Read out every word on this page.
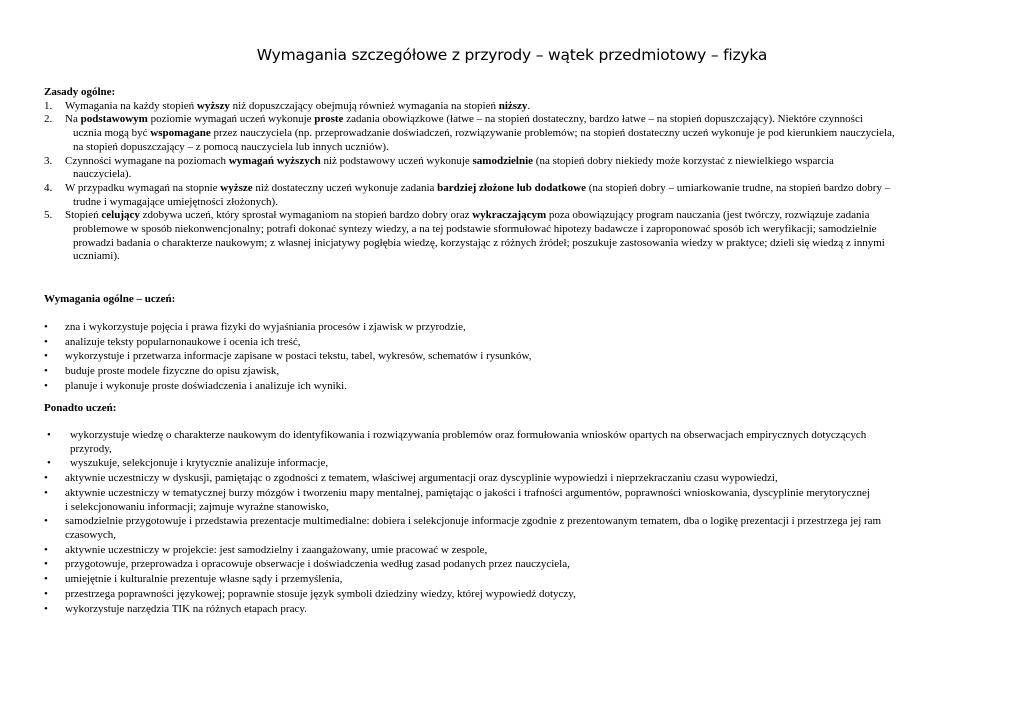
Wymagania szczegółowe z przyrody – wątek przedmiotowy – fizyka

Zasady ogólne:

1. Wymagania na każdy stopień wyższy niż dopuszczający obejmują również wymagania na stopień niższy.
2. Na podstawowym poziomie wymagań uczeń wykonuje proste zadania obowiązkowe (łatwe – na stopień dostateczny, bardzo łatwe – na stopień dopuszczający). Niektóre czynności
ucznia mogą być wspomagane przez nauczyciela (np. przeprowadzanie doświadczeń, rozwiązywanie problemów; na stopień dostateczny uczeń wykonuje je pod kierunkiem nauczyciela,
na stopień dopuszczający – z pomocą nauczyciela lub innych uczniów).
3. Czynności wymagane na poziomach wymagań wyższych niż podstawowy uczeń wykonuje samodzielnie (na stopień dobry niekiedy może korzystać z niewielkiego wsparcia
nauczyciela).
4. W przypadku wymagań na stopnie wyższe niż dostateczny uczeń wykonuje zadania bardziej złożone lub dodatkowe (na stopień dobry – umiarkowanie trudne, na stopień bardzo dobry –
trudne i wymagające umiejętności złożonych).
5. Stopień celujący zdobywa uczeń, który sprostał wymaganiom na stopień bardzo dobry oraz wykraczającym poza obowiązujący program nauczania (jest twórczy, rozwiązuje zadania
problemowe w sposób niekonwencjonalny; potrafi dokonać syntezy wiedzy, a na tej podstawie sformułować hipotezy badawcze i zaproponować sposób ich weryfikacji; samodzielnie
prowadzi badania o charakterze naukowym; z własnej inicjatywy pogłębia wiedzę, korzystając z różnych źródeł; poszukuje zastosowania wiedzy w praktyce; dzieli się wiedzą z innymi
uczniami).

Wymagania ogólne – uczeń:

• zna i wykorzystuje pojęcia i prawa fizyki do wyjaśniania procesów i zjawisk w przyrodzie,
• analizuje teksty popularnonaukowe i ocenia ich treść,
• wykorzystuje i przetwarza informacje zapisane w postaci tekstu, tabel, wykresów, schematów i rysunków,
• buduje proste modele fizyczne do opisu zjawisk,
• planuje i wykonuje proste doświadczenia i analizuje ich wyniki.

Ponadto uczeń:

• wykorzystuje wiedzę o charakterze naukowym do identyfikowania i rozwiązywania problemów oraz formułowania wniosków opartych na obserwacjach empirycznych dotyczących
przyrody,
• wyszukuje, selekcjonuje i krytycznie analizuje informacje,
• aktywnie uczestniczy w dyskusji, pamiętając o zgodności z tematem, właściwej argumentacji oraz dyscyplinie wypowiedzi i nieprzekraczaniu czasu wypowiedzi,
• aktywnie uczestniczy w tematycznej burzy mózgów i tworzeniu mapy mentalnej, pamiętając o jakości i trafności argumentów, poprawności wnioskowania, dyscyplinie merytorycznej
i selekcjonowaniu informacji; zajmuje wyraźne stanowisko,
• samodzielnie przygotowuje i przedstawia prezentacje multimedialne: dobiera i selekcjonuje informacje zgodnie z prezentowanym tematem, dba o logikę prezentacji i przestrzega jej ram
czasowych,
• aktywnie uczestniczy w projekcie: jest samodzielny i zaangażowany, umie pracować w zespole,
• przygotowuje, przeprowadza i opracowuje obserwacje i doświadczenia według zasad podanych przez nauczyciela,
• umiejętnie i kulturalnie prezentuje własne sądy i przemyślenia,
• przestrzega poprawności językowej; poprawnie stosuje język symboli dziedziny wiedzy, której wypowiedź dotyczy,
• wykorzystuje narzędzia TIK na różnych etapach pracy.
